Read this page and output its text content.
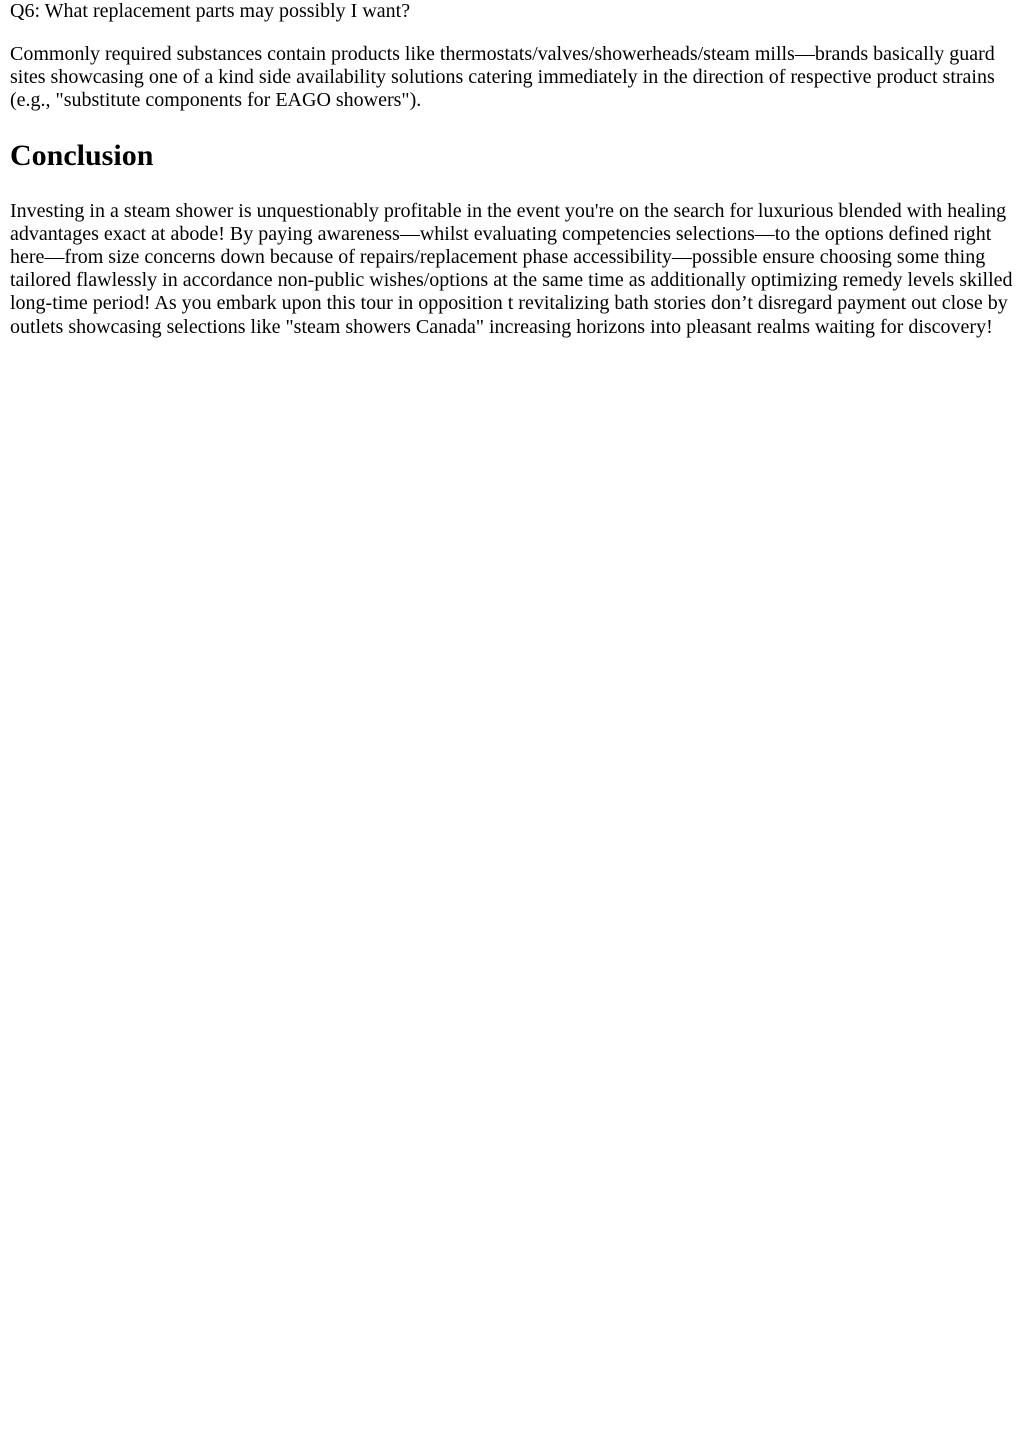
Q6: What replacement parts may possibly I want?

Commonly required substances contain products like thermostats/valves/showerheads/steam mills—brands basically guard sites showcasing one of a kind side availability solutions catering immediately in the direction of respective product strains (e.g., "substitute components for EAGO showers").

Conclusion

Investing in a steam shower is unquestionably profitable in the event you're on the search for luxurious blended with healing advantages exact at abode! By paying awareness—whilst evaluating competencies selections—to the options defined right here—from size concerns down because of repairs/replacement phase accessibility—possible ensure choosing some thing tailored flawlessly in accordance non-public wishes/options at the same time as additionally optimizing remedy levels skilled long-time period! As you embark upon this tour in opposition t revitalizing bath stories don’t disregard payment out close by outlets showcasing selections like "steam showers Canada" increasing horizons into pleasant realms waiting for discovery!
